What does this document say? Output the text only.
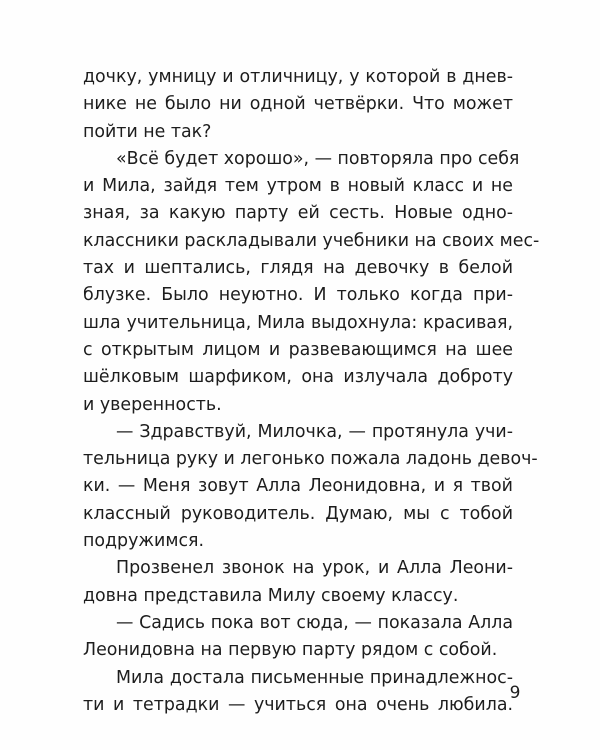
дочку, умницу и отличницу, у которой в днев-
нике не было ни одной четвёрки. Что может
пойти не так?
«Всё будет хорошо», — повторяла про себя
и Мила, зайдя тем утром в новый класс и не
зная, за какую парту ей сесть. Новые одно-
классники раскладывали учебники на своих мес-
тах и шептались, глядя на девочку в белой
блузке. Было неуютно. И только когда при-
шла учительница, Мила выдохнула: красивая,
с открытым лицом и развевающимся на шее
шёлковым шарфиком, она излучала доброту
и уверенность.
— Здравствуй, Милочка, — протянула учи-
тельница руку и легонько пожала ладонь девоч-
ки. — Меня зовут Алла Леонидовна, и я твой
классный руководитель. Думаю, мы с тобой
подружимся.
Прозвенел звонок на урок, и Алла Леони-
довна представила Милу своему классу.
— Садись пока вот сюда, — показала Алла
Леонидовна на первую парту рядом с собой.
Мила достала письменные принадлежнос-
ти и тетрадки — учиться она очень любила.
9
